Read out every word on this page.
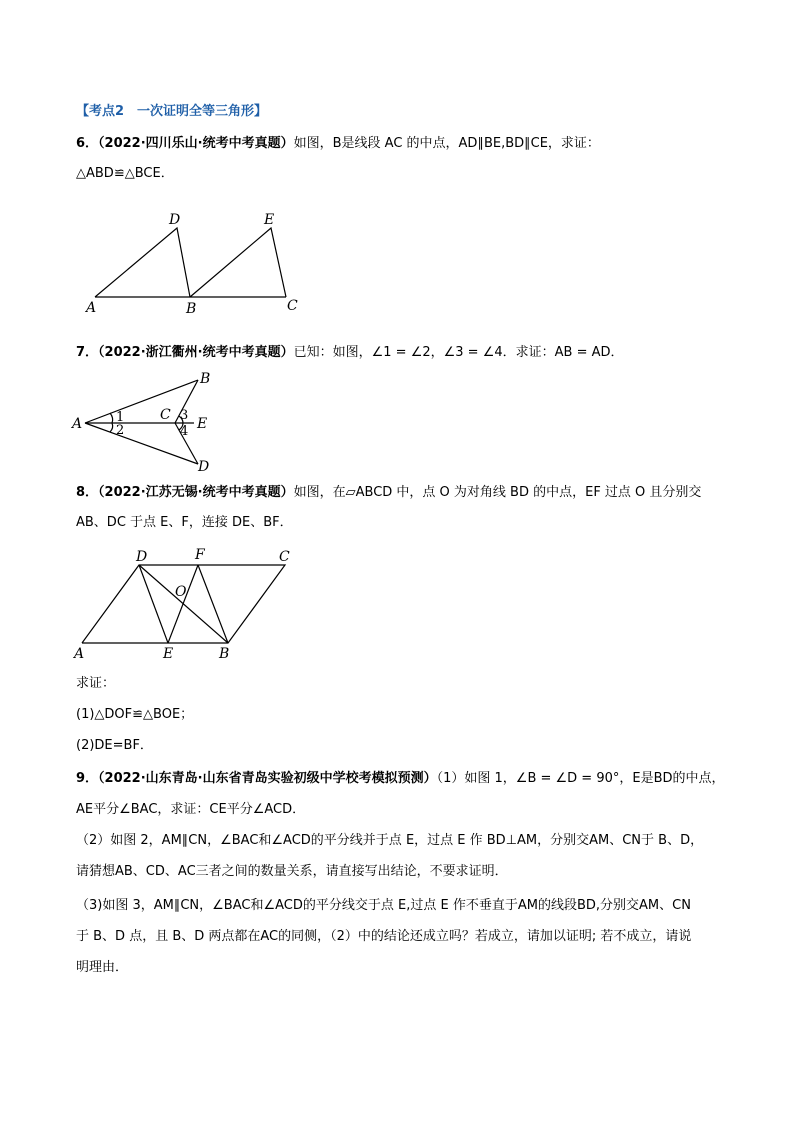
【考点2　一次证明全等三角形】
6．（2022·四川乐山·统考中考真题）如图，B是线段 AC 的中点，AD∥BE,BD∥CE，求证：
△ABD≌△BCE．
A	B	C
D	E
7．（2022·浙江衢州·统考中考真题）已知：如图，∠1 = ∠2，∠3 = ∠4．求证：AB = AD．
A
B
C
D
E
1
2
3
4
8．（2022·江苏无锡·统考中考真题）如图，在▱ABCD 中，点 O 为对角线 BD 的中点，EF 过点 O 且分别交
AB、DC 于点 E、F，连接 DE、BF．
A	B
C
D
E
F
O
求证：
(1)△DOF≌△BOE；
(2)DE=BF．
9．（2022·山东青岛·山东省青岛实验初级中学校考模拟预测）（1）如图 1，∠B = ∠D = 90°，E是BD的中点，
AE平分∠BAC，求证：CE平分∠ACD．
（2）如图 2，AM∥CN，∠BAC和∠ACD的平分线并于点 E，过点 E 作 BD⊥AM，分别交AM、CN于 B、D，
请猜想AB、CD、AC三者之间的数量关系，请直接写出结论，不要求证明．
（3)如图 3，AM∥CN，∠BAC和∠ACD的平分线交于点 E,过点 E 作不垂直于AM的线段BD,分别交AM、CN
于 B、D 点，且 B、D 两点都在AC的同侧，（2）中的结论还成立吗？若成立，请加以证明; 若不成立，请说
明理由．
